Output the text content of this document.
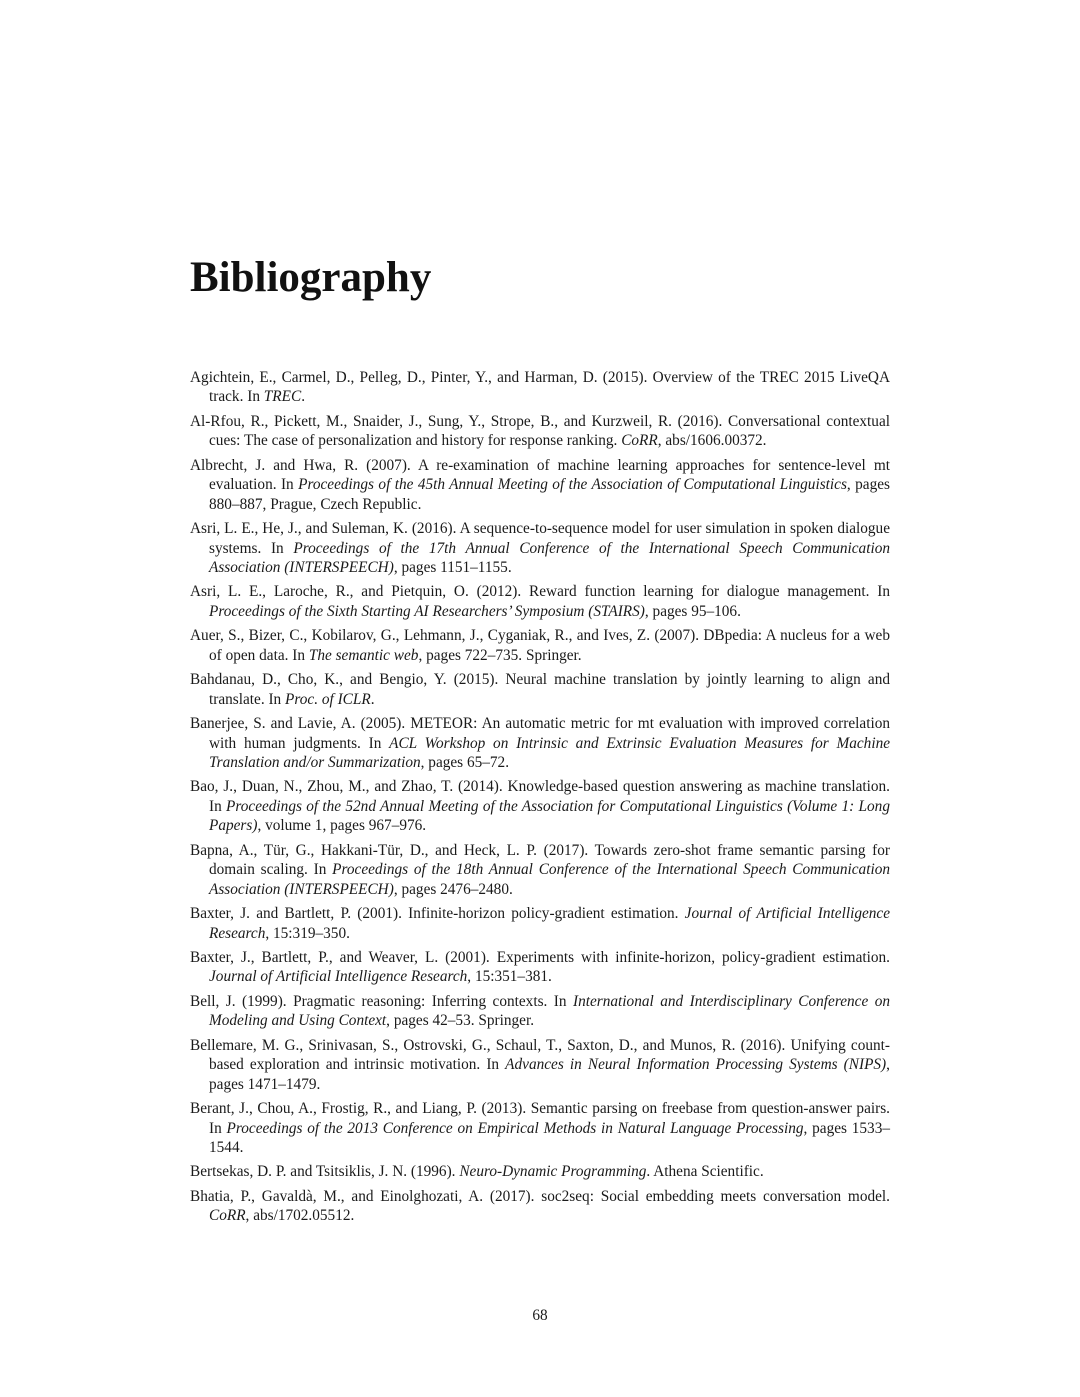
Bibliography
Agichtein, E., Carmel, D., Pelleg, D., Pinter, Y., and Harman, D. (2015). Overview of the TREC 2015 LiveQA track. In TREC.
Al-Rfou, R., Pickett, M., Snaider, J., Sung, Y., Strope, B., and Kurzweil, R. (2016). Conversational contextual cues: The case of personalization and history for response ranking. CoRR, abs/1606.00372.
Albrecht, J. and Hwa, R. (2007). A re-examination of machine learning approaches for sentence-level mt evaluation. In Proceedings of the 45th Annual Meeting of the Association of Computational Linguistics, pages 880–887, Prague, Czech Republic.
Asri, L. E., He, J., and Suleman, K. (2016). A sequence-to-sequence model for user simulation in spoken dialogue systems. In Proceedings of the 17th Annual Conference of the International Speech Communication Association (INTERSPEECH), pages 1151–1155.
Asri, L. E., Laroche, R., and Pietquin, O. (2012). Reward function learning for dialogue management. In Proceedings of the Sixth Starting AI Researchers’ Symposium (STAIRS), pages 95–106.
Auer, S., Bizer, C., Kobilarov, G., Lehmann, J., Cyganiak, R., and Ives, Z. (2007). DBpedia: A nucleus for a web of open data. In The semantic web, pages 722–735. Springer.
Bahdanau, D., Cho, K., and Bengio, Y. (2015). Neural machine translation by jointly learning to align and translate. In Proc. of ICLR.
Banerjee, S. and Lavie, A. (2005). METEOR: An automatic metric for mt evaluation with improved correlation with human judgments. In ACL Workshop on Intrinsic and Extrinsic Evaluation Measures for Machine Translation and/or Summarization, pages 65–72.
Bao, J., Duan, N., Zhou, M., and Zhao, T. (2014). Knowledge-based question answering as machine translation. In Proceedings of the 52nd Annual Meeting of the Association for Computational Linguistics (Volume 1: Long Papers), volume 1, pages 967–976.
Bapna, A., Tür, G., Hakkani-Tür, D., and Heck, L. P. (2017). Towards zero-shot frame semantic parsing for domain scaling. In Proceedings of the 18th Annual Conference of the International Speech Communication Association (INTERSPEECH), pages 2476–2480.
Baxter, J. and Bartlett, P. (2001). Infinite-horizon policy-gradient estimation. Journal of Artificial Intelligence Research, 15:319–350.
Baxter, J., Bartlett, P., and Weaver, L. (2001). Experiments with infinite-horizon, policy-gradient estimation. Journal of Artificial Intelligence Research, 15:351–381.
Bell, J. (1999). Pragmatic reasoning: Inferring contexts. In International and Interdisciplinary Conference on Modeling and Using Context, pages 42–53. Springer.
Bellemare, M. G., Srinivasan, S., Ostrovski, G., Schaul, T., Saxton, D., and Munos, R. (2016). Unifying count-based exploration and intrinsic motivation. In Advances in Neural Information Processing Systems (NIPS), pages 1471–1479.
Berant, J., Chou, A., Frostig, R., and Liang, P. (2013). Semantic parsing on freebase from question-answer pairs. In Proceedings of the 2013 Conference on Empirical Methods in Natural Language Processing, pages 1533–1544.
Bertsekas, D. P. and Tsitsiklis, J. N. (1996). Neuro-Dynamic Programming. Athena Scientific.
Bhatia, P., Gavaldà, M., and Einolghozati, A. (2017). soc2seq: Social embedding meets conversation model. CoRR, abs/1702.05512.
68
